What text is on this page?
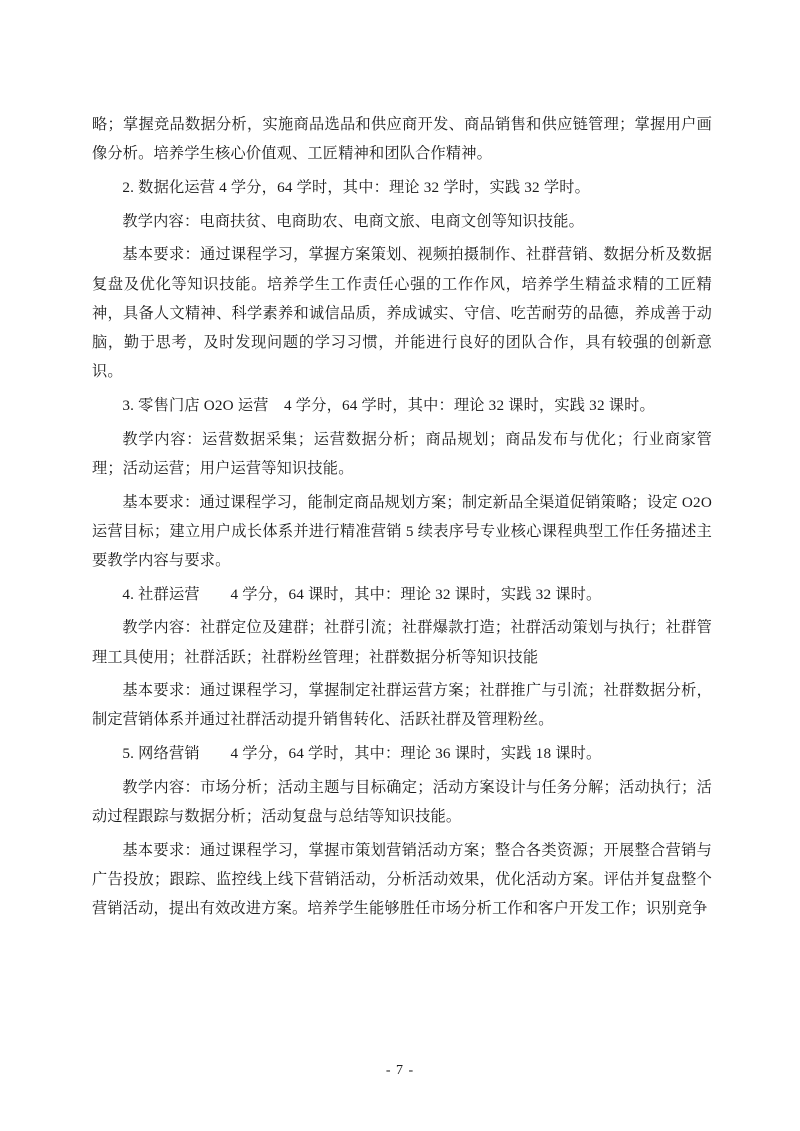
略；掌握竞品数据分析，实施商品选品和供应商开发、商品销售和供应链管理；掌握用户画像分析。培养学生核心价值观、工匠精神和团队合作精神。

2. 数据化运营 4 学分，64 学时，其中：理论 32 学时，实践 32 学时。

教学内容：电商扶贫、电商助农、电商文旅、电商文创等知识技能。

基本要求：通过课程学习，掌握方案策划、视频拍摄制作、社群营销、数据分析及数据复盘及优化等知识技能。培养学生工作责任心强的工作作风，培养学生精益求精的工匠精神，具备人文精神、科学素养和诚信品质，养成诚实、守信、吃苦耐劳的品德，养成善于动脑，勤于思考，及时发现问题的学习习惯，并能进行良好的团队合作，具有较强的创新意识。

3. 零售门店 O2O 运营　4 学分，64 学时，其中：理论 32 课时，实践 32 课时。

教学内容：运营数据采集；运营数据分析；商品规划；商品发布与优化；行业商家管理；活动运营；用户运营等知识技能。

基本要求：通过课程学习，能制定商品规划方案；制定新品全渠道促销策略；设定 O2O 运营目标；建立用户成长体系并进行精准营销 5 续表序号专业核心课程典型工作任务描述主要教学内容与要求。

4. 社群运营　　4 学分，64 课时，其中：理论 32 课时，实践 32 课时。

教学内容：社群定位及建群；社群引流；社群爆款打造；社群活动策划与执行；社群管理工具使用；社群活跃；社群粉丝管理；社群数据分析等知识技能

基本要求：通过课程学习，掌握制定社群运营方案；社群推广与引流；社群数据分析，制定营销体系并通过社群活动提升销售转化、活跃社群及管理粉丝。

5. 网络营销　　4 学分，64 学时，其中：理论 36 课时，实践 18 课时。

教学内容：市场分析；活动主题与目标确定；活动方案设计与任务分解；活动执行；活动过程跟踪与数据分析；活动复盘与总结等知识技能。

基本要求：通过课程学习，掌握市策划营销活动方案；整合各类资源；开展整合营销与广告投放；跟踪、监控线上线下营销活动，分析活动效果，优化活动方案。评估并复盘整个营销活动，提出有效改进方案。培养学生能够胜任市场分析工作和客户开发工作；识别竞争

- 7 -
